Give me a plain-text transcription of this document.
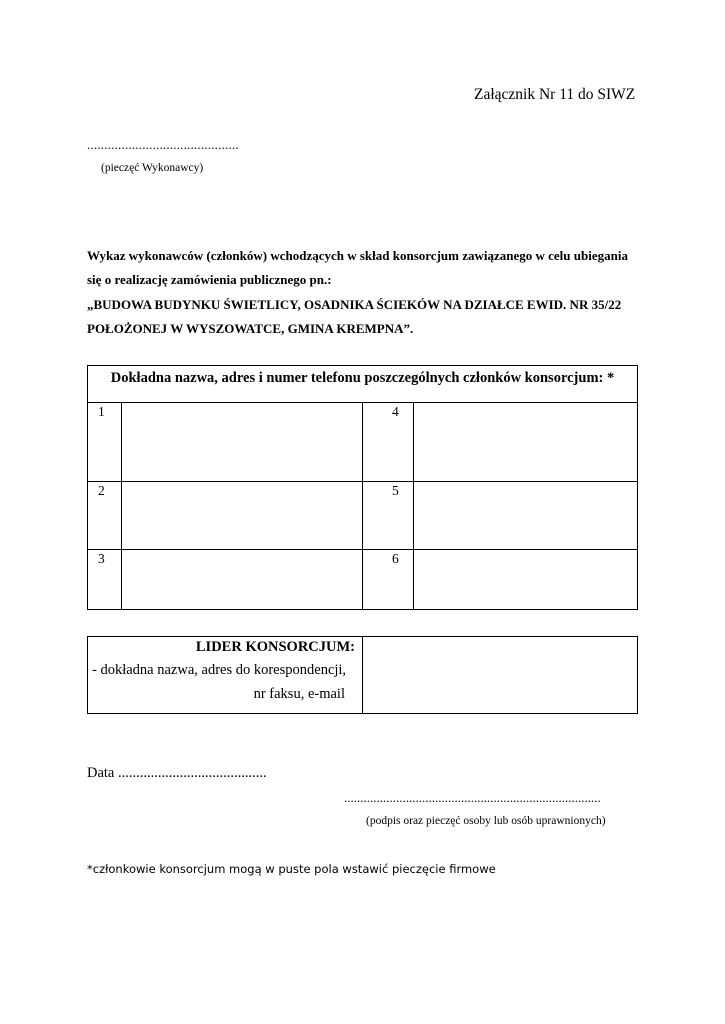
Załącznik Nr 11 do SIWZ
............................................
(pieczęć Wykonawcy)
Wykaz wykonawców (członków) wchodzących w skład konsorcjum zawiązanego w celu ubiegania
się o realizację zamówienia publicznego pn.:
„BUDOWA BUDYNKU ŚWIETLICY, OSADNIKA ŚCIEKÓW NA DZIAŁCE EWID. NR 35/22
POŁOŻONEJ W WYSZOWATCE, GMINA KREMPNA”.
Dokładna nazwa, adres i numer telefonu poszczególnych członków konsorcjum: *
1
2
3
4
5
6
LIDER KONSORCJUM:
- dokładna nazwa, adres do korespondencji,
nr faksu, e-mail
Data .........................................
...............................................................................
(podpis oraz pieczęć osoby lub osób uprawnionych)
*członkowie konsorcjum mogą w puste pola wstawić pieczęcie firmowe
